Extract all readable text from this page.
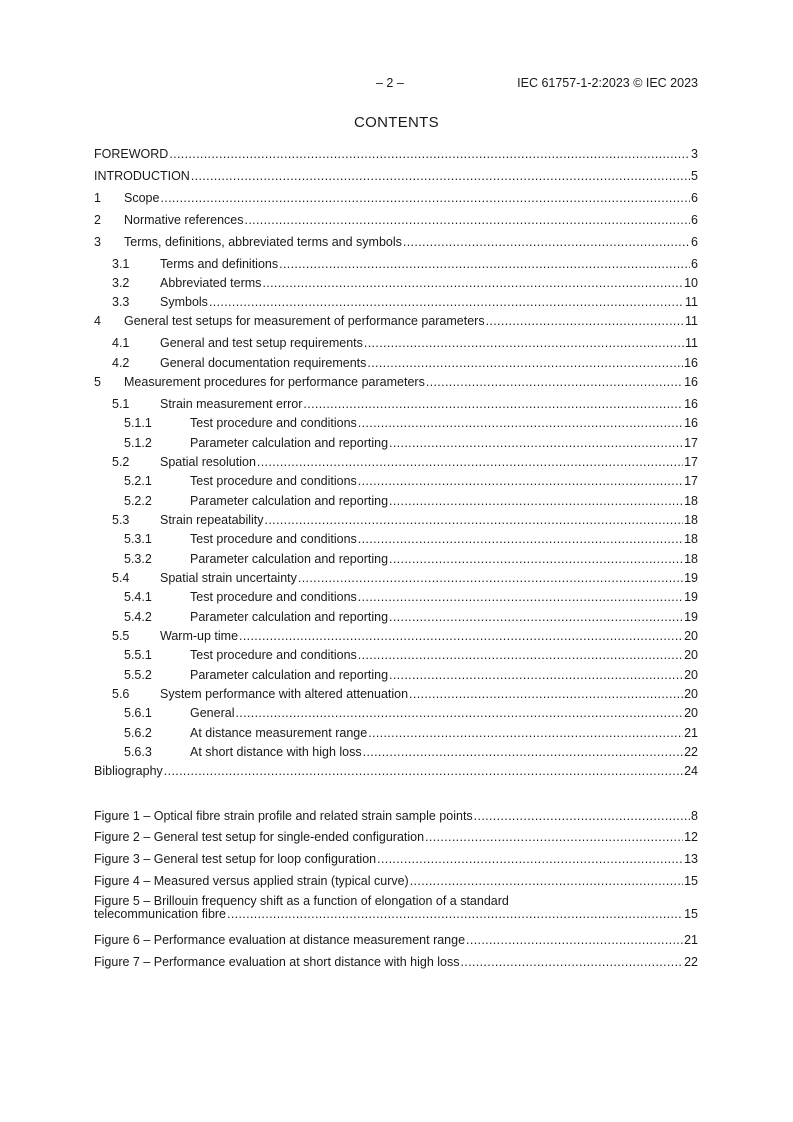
– 2 –	IEC 61757-1-2:2023 © IEC 2023
CONTENTS
FOREWORD .....	3
INTRODUCTION .....	5
1	Scope .....	6
2	Normative references .....	6
3	Terms, definitions, abbreviated terms and symbols .....	6
3.1	Terms and definitions .....	6
3.2	Abbreviated terms .....	10
3.3	Symbols .....	11
4	General test setups for measurement of performance parameters .....	11
4.1	General and test setup requirements .....	11
4.2	General documentation requirements .....	16
5	Measurement procedures for performance parameters .....	16
5.1	Strain measurement error .....	16
5.1.1	Test procedure and conditions .....	16
5.1.2	Parameter calculation and reporting .....	17
5.2	Spatial resolution .....	17
5.2.1	Test procedure and conditions .....	17
5.2.2	Parameter calculation and reporting .....	18
5.3	Strain repeatability .....	18
5.3.1	Test procedure and conditions .....	18
5.3.2	Parameter calculation and reporting .....	18
5.4	Spatial strain uncertainty .....	19
5.4.1	Test procedure and conditions .....	19
5.4.2	Parameter calculation and reporting .....	19
5.5	Warm-up time .....	20
5.5.1	Test procedure and conditions .....	20
5.5.2	Parameter calculation and reporting .....	20
5.6	System performance with altered attenuation .....	20
5.6.1	General .....	20
5.6.2	At distance measurement range .....	21
5.6.3	At short distance with high loss .....	22
Bibliography .....	24
Figure 1 – Optical fibre strain profile and related strain sample points .....	8
Figure 2 – General test setup for single-ended configuration .....	12
Figure 3 – General test setup for loop configuration .....	13
Figure 4 – Measured versus applied strain (typical curve) .....	15
Figure 5 – Brillouin frequency shift as a function of elongation of a standard
telecommunication fibre .....	15
Figure 6 – Performance evaluation at distance measurement range .....	21
Figure 7 – Performance evaluation at short distance with high loss .....	22
